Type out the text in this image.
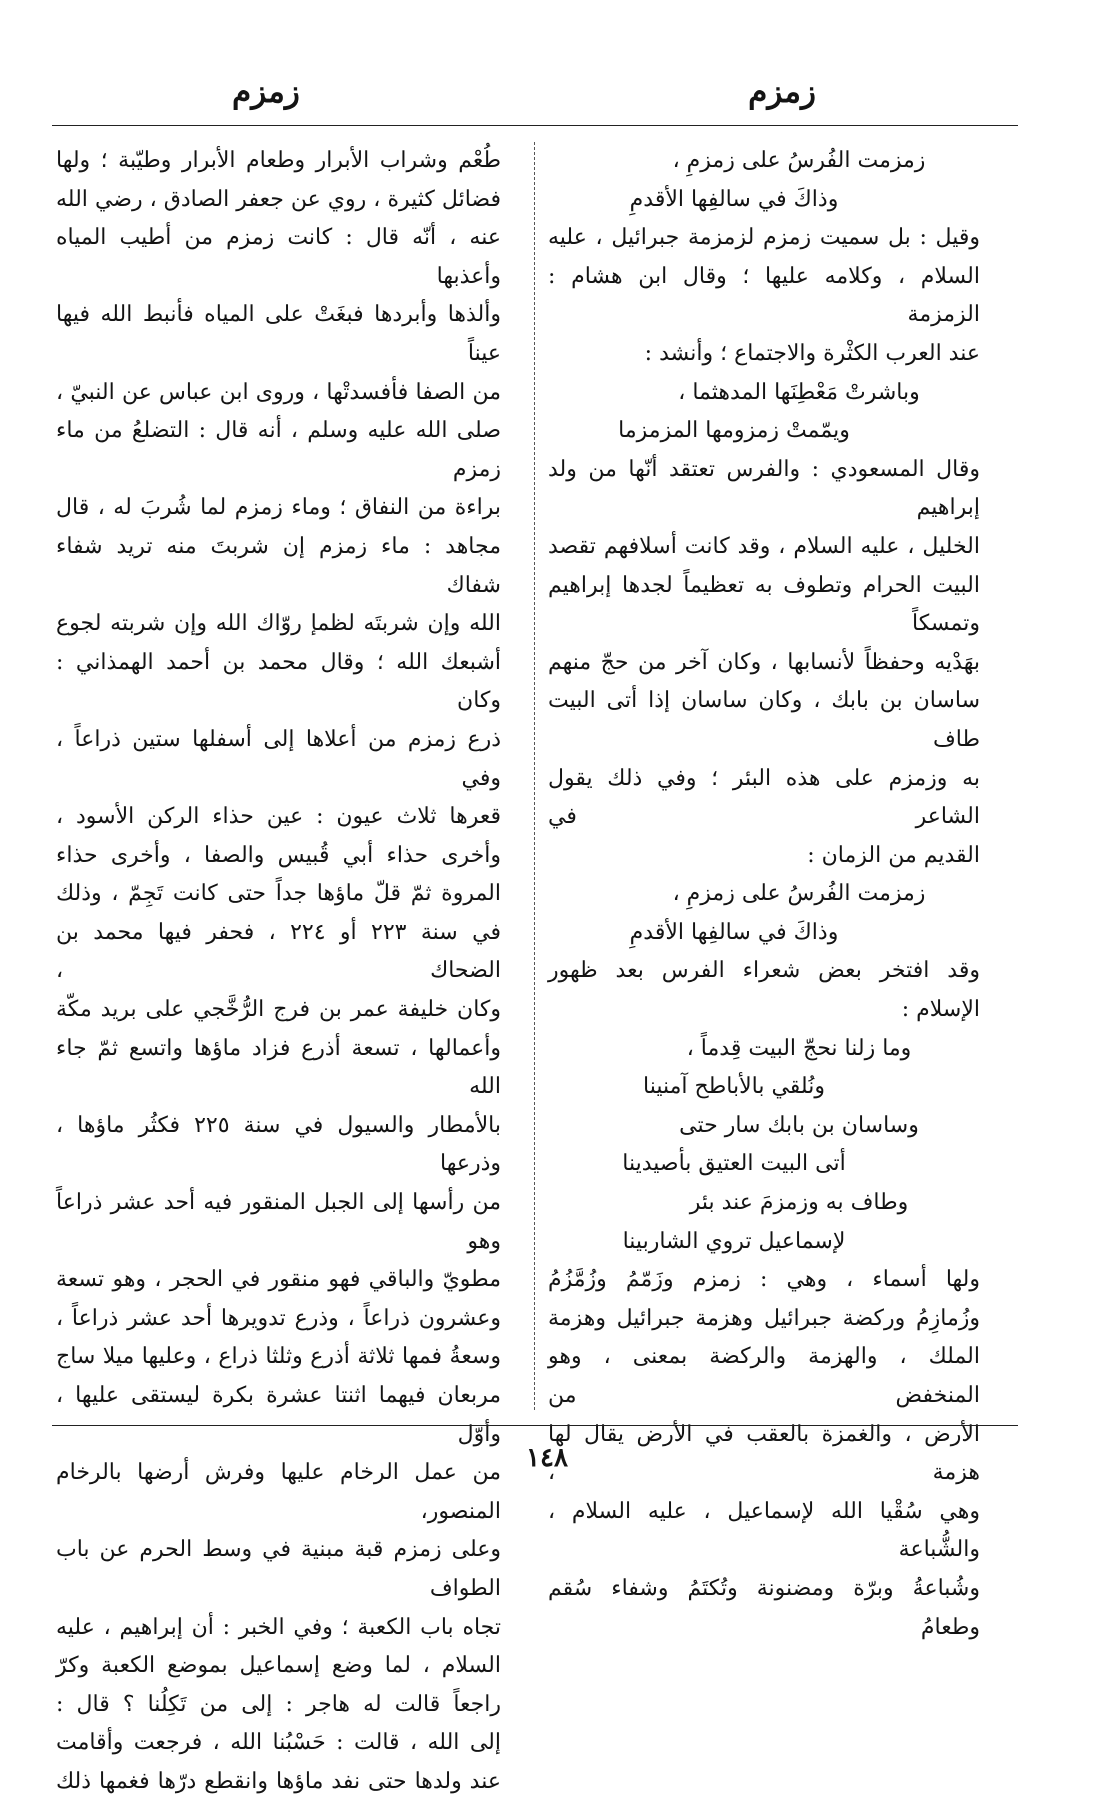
زمزم
زمزم
زمزمت الفُرسُ على زمزمِ ،
وذاكَ في سالفِها الأقدمِ
وقيل : بل سميت زمزم لزمزمة جبرائيل ، عليه
السلام ، وكلامه عليها ؛ وقال ابن هشام : الزمزمة
عند العرب الكثْرة والاجتماع ؛ وأنشد :
وباشرتْ مَعْطِنَها المدهثما ،
ويمّمتْ زمزومها المزمزما
وقال المسعودي : والفرس تعتقد أنّها من ولد إبراهيم
الخليل ، عليه السلام ، وقد كانت أسلافهم تقصد
البيت الحرام وتطوف به تعظيماً لجدها إبراهيم وتمسكاً
بهَدْيه وحفظاً لأنسابها ، وكان آخر من حجّ منهم
ساسان بن بابك ، وكان ساسان إذا أتى البيت طاف
به وزمزم على هذه البئر ؛ وفي ذلك يقول الشاعر في
القديم من الزمان :
زمزمت الفُرسُ على زمزمِ ،
وذاكَ في سالفِها الأقدمِ
وقد افتخر بعض شعراء الفرس بعد ظهور الإسلام :
وما زلنا نحجّ البيت قِدماً ،
ونُلقي بالأباطح آمنينا
وساسان بن بابك سار حتى
أتى البيت العتيق بأصيدينا
وطاف به وزمزمَ عند بئر
لإسماعيل تروي الشاربينا
ولها أسماء ، وهي : زمزم وزَمّمُ وزُمَّزُمُ
وزُمازِمُ وركضة جبرائيل وهزمة جبرائيل وهزمة
الملك ، والهزمة والركضة بمعنى ، وهو المنخفض من
الأرض ، والغمزة بالعقب في الأرض يقال لها هزمة ،
وهي سُقْيا الله لإسماعيل ، عليه السلام ، والشُّباعة
وشُباعةُ وبرّة ومضنونة وتُكتَمُ وشفاء سُقم وطعامُ
طُعْم وشراب الأبرار وطعام الأبرار وطيّبة ؛ ولها
فضائل كثيرة ، روي عن جعفر الصادق ، رضي الله
عنه ، أنّه قال : كانت زمزم من أطيب المياه وأعذبها
وألذها وأبردها فبغَتْ على المياه فأنبط الله فيها عيناً
من الصفا فأفسدتْها ، وروى ابن عباس عن النبيّ ،
صلى الله عليه وسلم ، أنه قال : التضلعُ من ماء زمزم
براءة من النفاق ؛ وماء زمزم لما شُربَ له ، قال
مجاهد : ماء زمزم إن شربتَ منه تريد شفاء شفاك
الله وإن شربتَه لظمإ روّاك الله وإن شربته لجوع
أشبعك الله ؛ وقال محمد بن أحمد الهمذاني : وكان
ذرع زمزم من أعلاها إلى أسفلها ستين ذراعاً ، وفي
قعرها ثلاث عيون : عين حذاء الركن الأسود ،
وأخرى حذاء أبي قُبيس والصفا ، وأخرى حذاء
المروة ثمّ قلّ ماؤها جداً حتى كانت تَجِمّ ، وذلك
في سنة ٢٢٣ أو ٢٢٤ ، فحفر فيها محمد بن الضحاك ،
وكان خليفة عمر بن فرج الرُّخَّجي على بريد مكّة
وأعمالها ، تسعة أذرع فزاد ماؤها واتسع ثمّ جاء الله
بالأمطار والسيول في سنة ٢٢٥ فكثُر ماؤها ، وذرعها
من رأسها إلى الجبل المنقور فيه أحد عشر ذراعاً وهو
مطويّ والباقي فهو منقور في الحجر ، وهو تسعة
وعشرون ذراعاً ، وذرع تدويرها أحد عشر ذراعاً ،
وسعةُ فمها ثلاثة أذرع وثلثا ذراع ، وعليها ميلا ساج
مربعان فيهما اثنتا عشرة بكرة ليستقى عليها ، وأوّل
من عمل الرخام عليها وفرش أرضها بالرخام المنصور،
وعلى زمزم قبة مبنية في وسط الحرم عن باب الطواف
تجاه باب الكعبة ؛ وفي الخبر : أن إبراهيم ، عليه
السلام ، لما وضع إسماعيل بموضع الكعبة وكرّ
راجعاً قالت له هاجر : إلى من تَكِلُنا ؟ قال :
إلى الله ، قالت : حَسْبُنا الله ، فرجعت وأقامت
عند ولدها حتى نفد ماؤها وانقطع درّها فغمها ذلك
١٤٨
